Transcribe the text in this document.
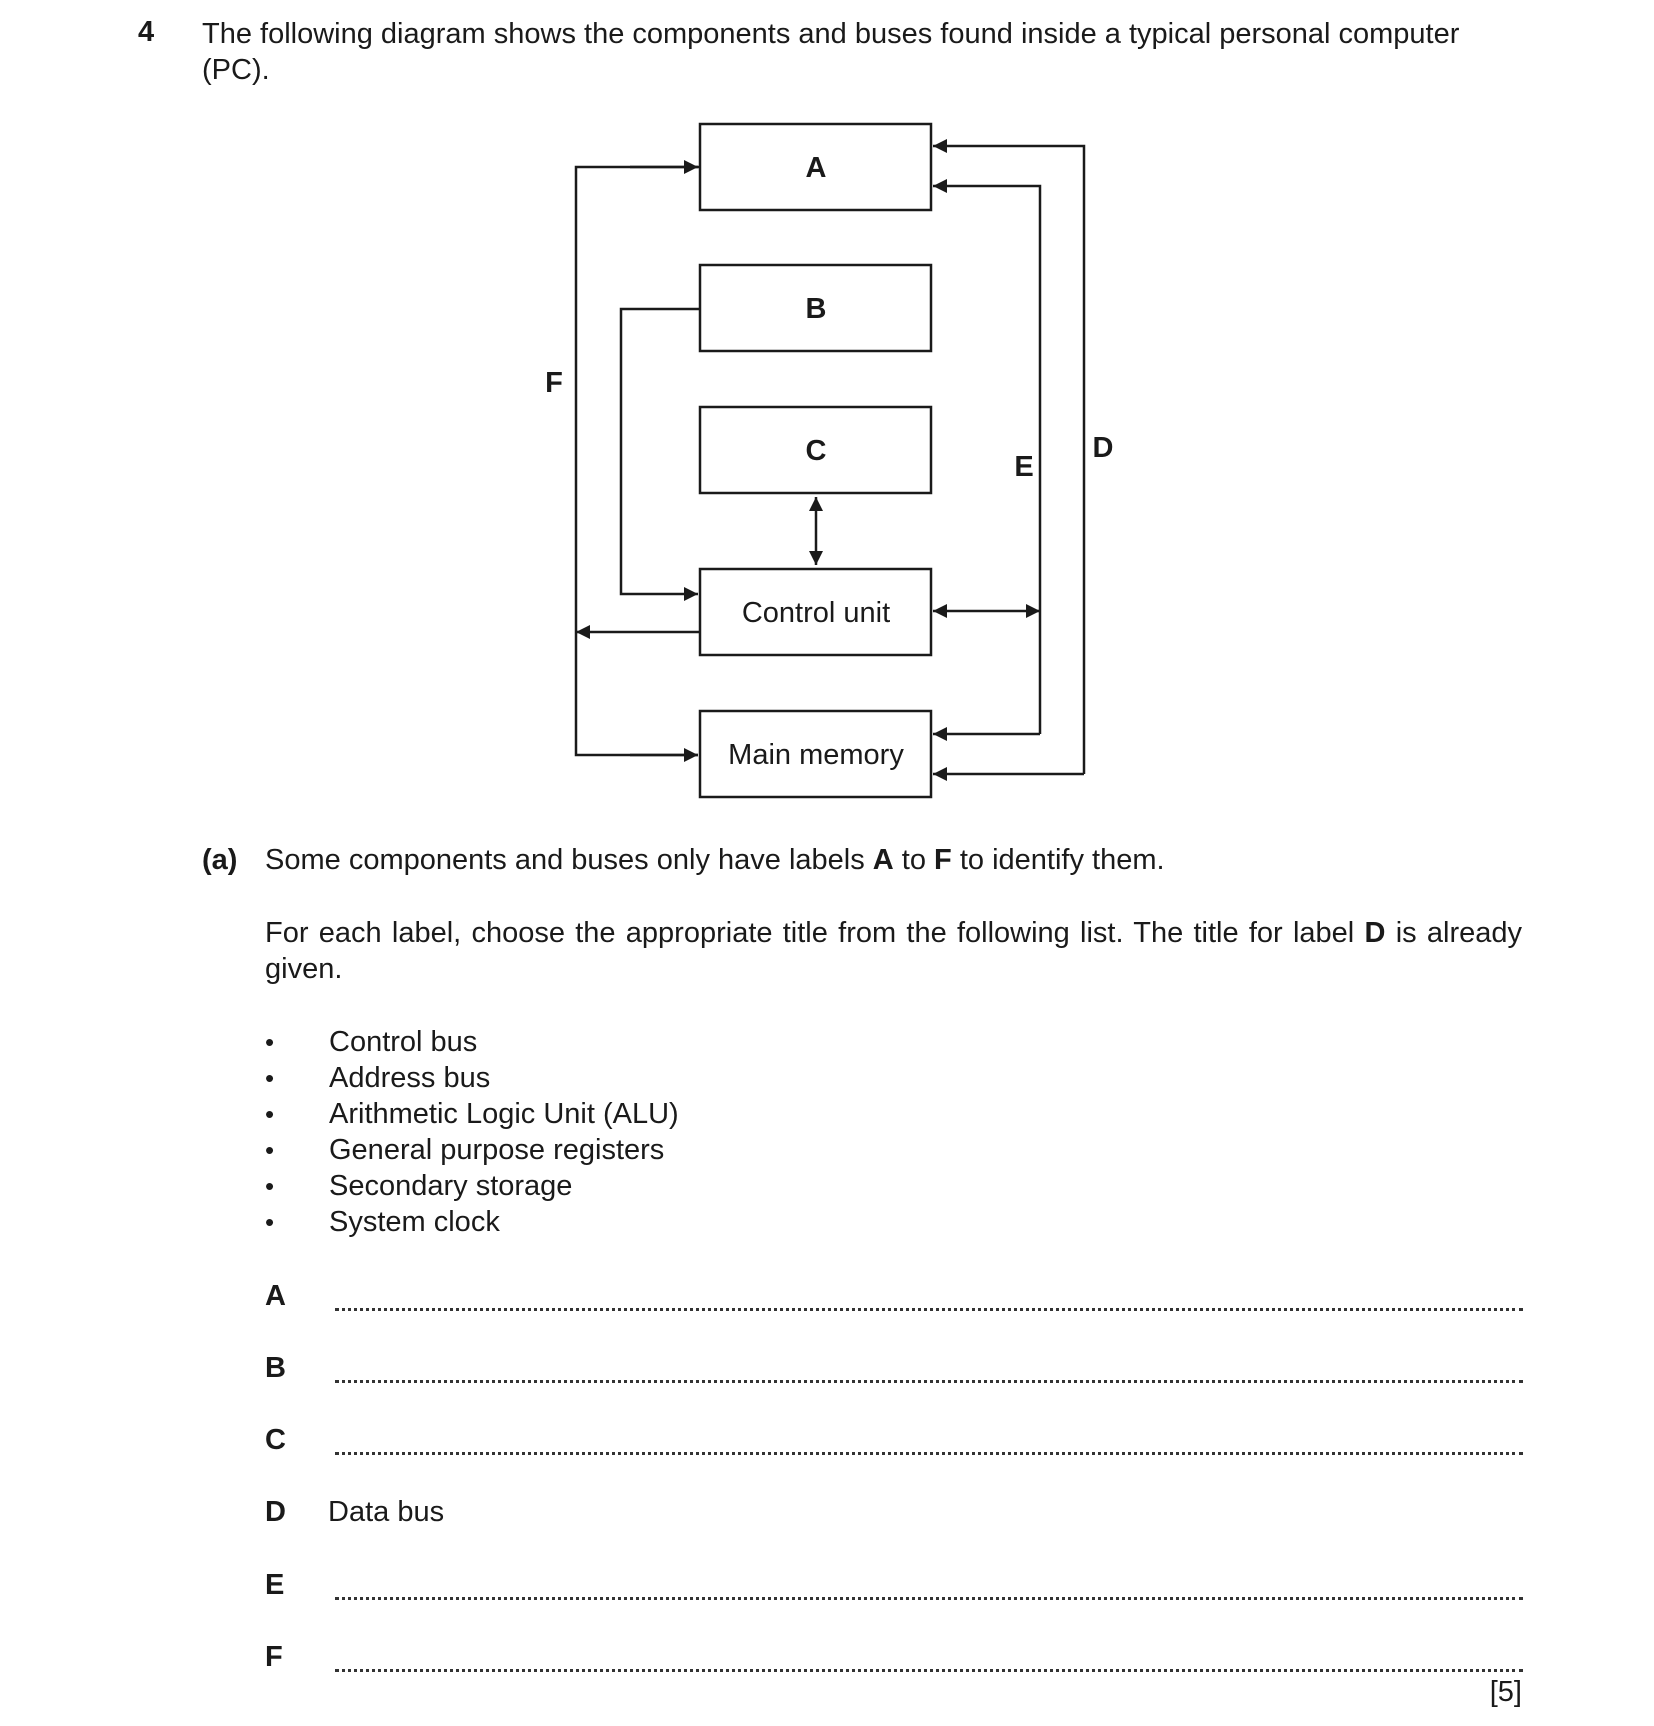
4 The following diagram shows the components and buses found inside a typical personal computer (PC).
A
B
C
Control unit
Main memory
D
E
F
(a) Some components and buses only have labels A to F to identify them.
For each label, choose the appropriate title from the following list. The title for label D is already given.
• Control bus
• Address bus
• Arithmetic Logic Unit (ALU)
• General purpose registers
• Secondary storage
• System clock
A
B
C
D Data bus
E
F
[5]
